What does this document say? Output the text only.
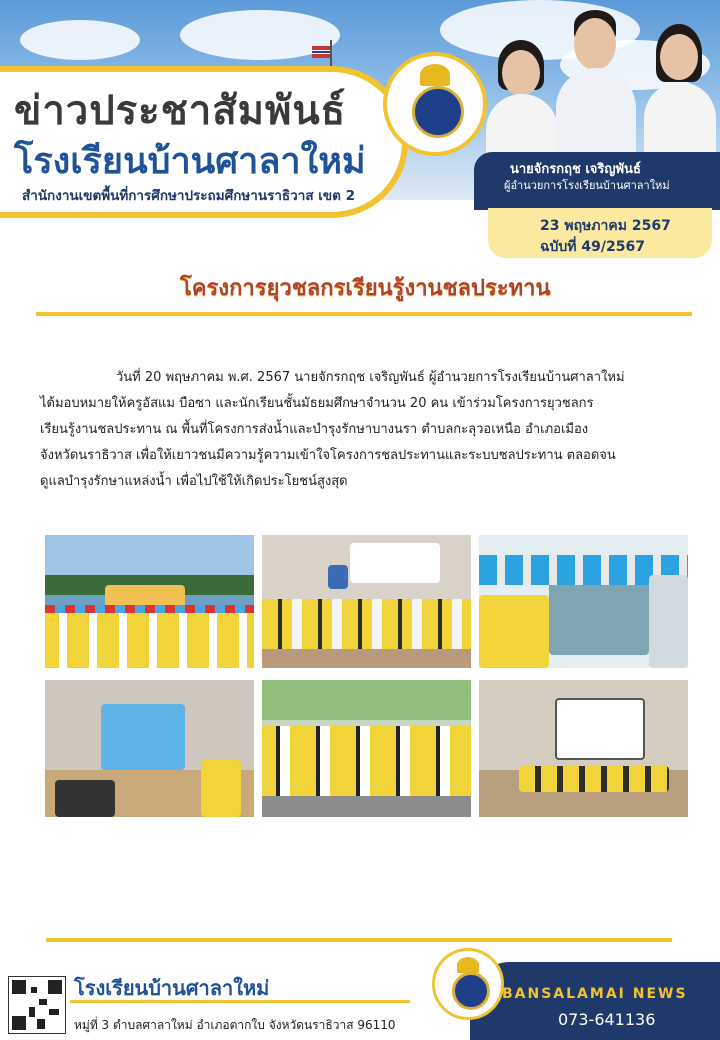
ข่าวประชาสัมพันธ์
โรงเรียนบ้านศาลาใหม่
สำนักงานเขตพื้นที่การศึกษาประถมศึกษานราธิวาส เขต 2
นายจักรกฤช เจริญพันธ์
ผู้อำนวยการโรงเรียนบ้านศาลาใหม่
23 พฤษภาคม 2567
ฉบับที่ 49/2567
โครงการยุวชลกรเรียนรู้งานชลประทาน
วันที่ 20 พฤษภาคม พ.ศ. 2567 นายจักรกฤช เจริญพันธ์ ผู้อำนวยการโรงเรียนบ้านศาลาใหม่
ได้มอบหมายให้ครูอัสแม บือซา และนักเรียนชั้นมัธยมศึกษาจำนวน 20 คน เข้าร่วมโครงการยุวชลกร
เรียนรู้งานชลประทาน ณ พื้นที่โครงการส่งน้ำและบำรุงรักษาบางนรา ตำบลกะลุวอเหนือ อำเภอเมือง
จังหวัดนราธิวาส เพื่อให้เยาวชนมีความรู้ความเข้าใจโครงการชลประทานและระบบชลประทาน ตลอดจน
ดูแลบำรุงรักษาแหล่งน้ำ เพื่อไปใช้ให้เกิดประโยชน์สูงสุด
โรงเรียนบ้านศาลาใหม่
หมู่ที่ 3 ตำบลศาลาใหม่ อำเภอตากใบ จังหวัดนราธิวาส 96110
BANSALAMAI NEWS
073-641136
